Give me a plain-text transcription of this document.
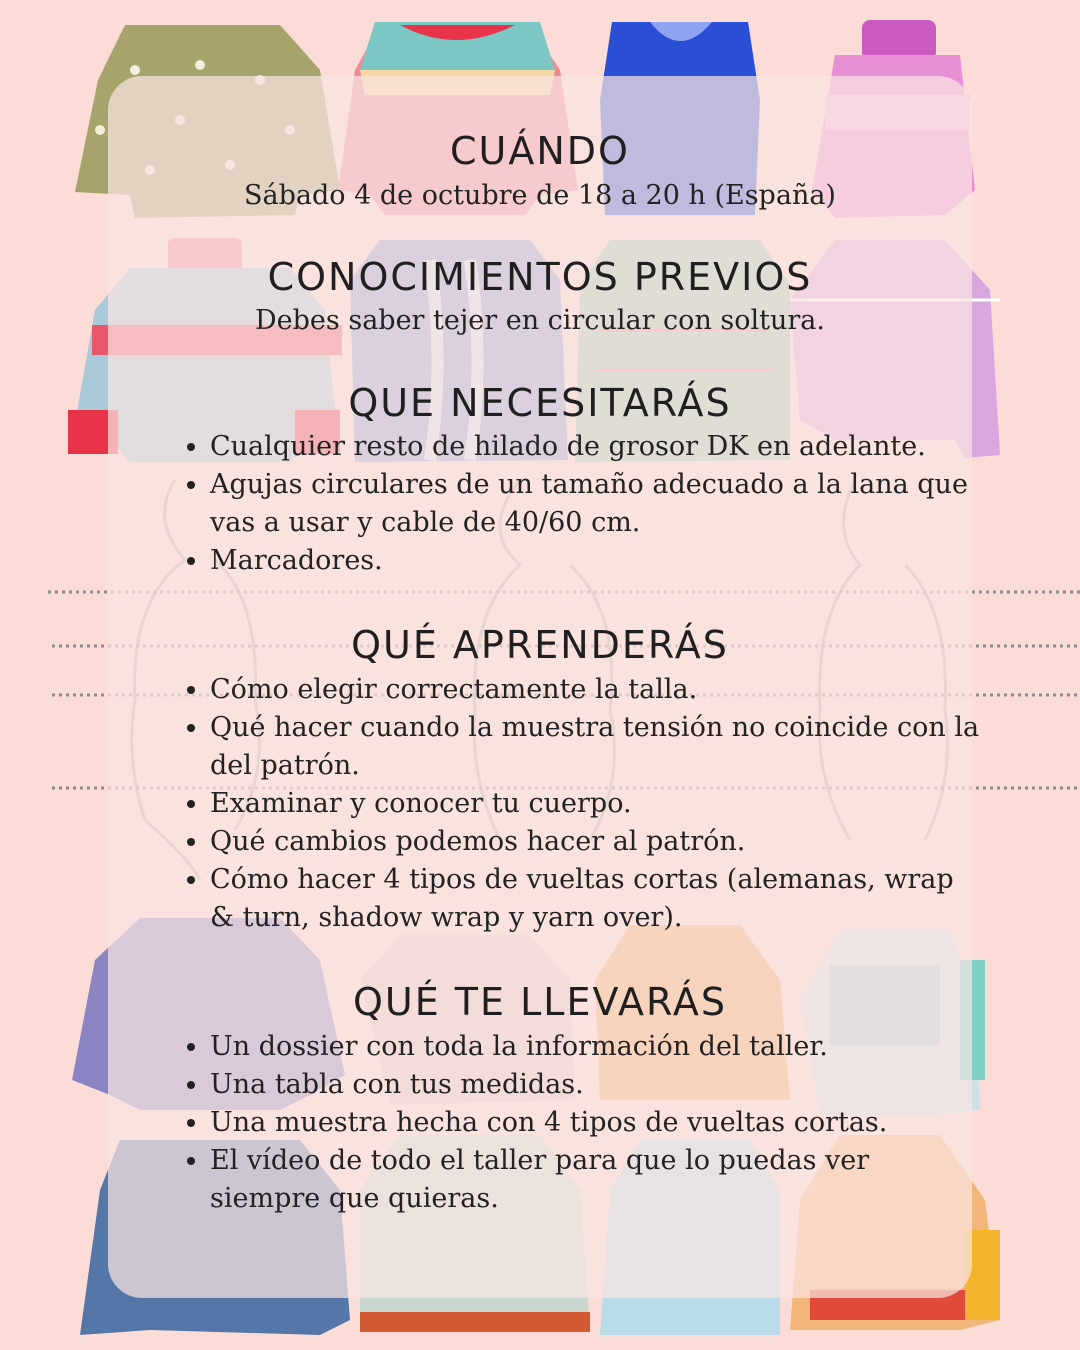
CUÁNDO

Sábado 4 de octubre de 18 a 20 h (España)

CONOCIMIENTOS PREVIOS

Debes saber tejer en circular con soltura.

QUE NECESITARÁS
• Cualquier resto de hilado de grosor DK en adelante.
• Agujas circulares de un tamaño adecuado a la lana que vas a usar y cable de 40/60 cm.
• Marcadores.
QUÉ APRENDERÁS
• Cómo elegir correctamente la talla.
• Qué hacer cuando la muestra tensión no coincide con la del patrón.
• Examinar y conocer tu cuerpo.
• Qué cambios podemos hacer al patrón.
• Cómo hacer 4 tipos de vueltas cortas (alemanas, wrap & turn, shadow wrap y yarn over).
QUÉ TE LLEVARÁS
• Un dossier con toda la información del taller.
• Una tabla con tus medidas.
• Una muestra hecha con 4 tipos de vueltas cortas.
• El vídeo de todo el taller para que lo puedas ver siempre que quieras.
